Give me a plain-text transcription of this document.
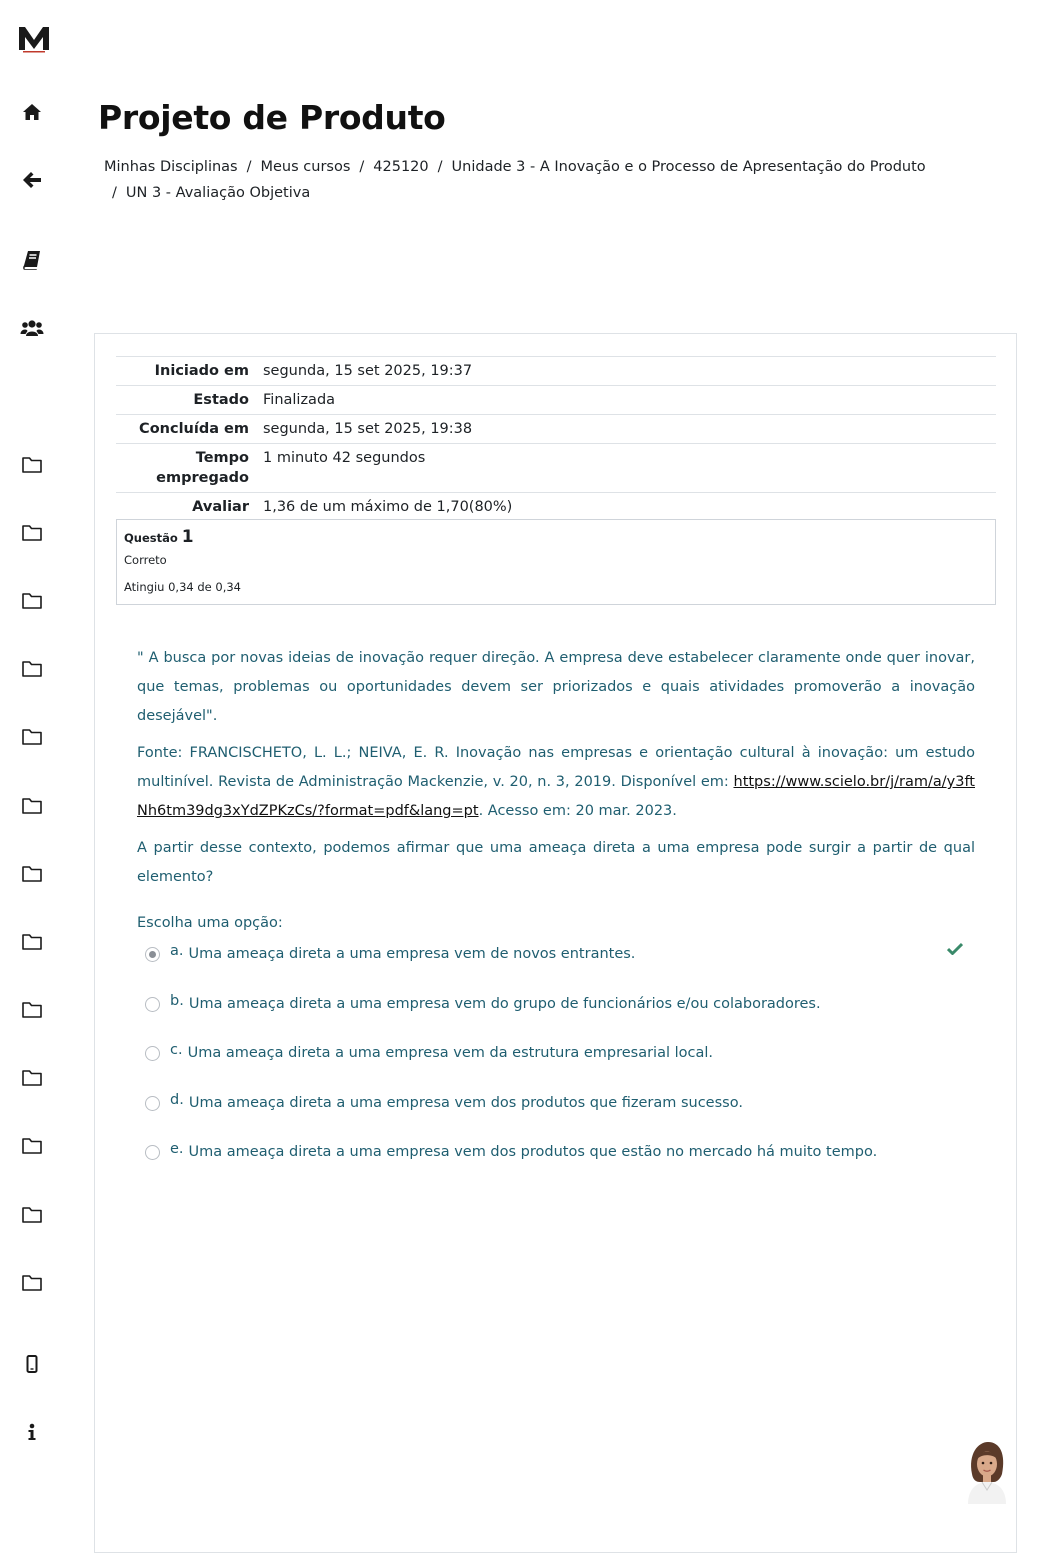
Projeto de Produto
Minhas Disciplinas / Meus cursos / 425120 / Unidade 3 - A Inovação e o Processo de Apresentação do Produto
/ UN 3 - Avaliação Objetiva
Iniciado em	segunda, 15 set 2025, 19:37
Estado	Finalizada
Concluída em	segunda, 15 set 2025, 19:38
Tempo empregado	1 minuto 42 segundos
Avaliar	1,36 de um máximo de 1,70(80%)
Questão 1
Correto
Atingiu 0,34 de 0,34

" A busca por novas ideias de inovação requer direção. A empresa deve estabelecer claramente onde quer inovar, que temas, problemas ou oportunidades devem ser priorizados e quais atividades promoverão a inovação desejável".

Fonte: FRANCISCHETO, L. L.; NEIVA, E. R. Inovação nas empresas e orientação cultural à inovação: um estudo multinível. Revista de Administração Mackenzie, v. 20, n. 3, 2019. Disponível em: https://www.scielo.br/j/ram/a/y3ftNh6tm39dg3xYdZPKzCs/?format=pdf&lang=pt. Acesso em: 20 mar. 2023.

A partir desse contexto, podemos afirmar que uma ameaça direta a uma empresa pode surgir a partir de qual elemento?

Escolha uma opção:
a. Uma ameaça direta a uma empresa vem de novos entrantes.
b. Uma ameaça direta a uma empresa vem do grupo de funcionários e/ou colaboradores.
c. Uma ameaça direta a uma empresa vem da estrutura empresarial local.
d. Uma ameaça direta a uma empresa vem dos produtos que fizeram sucesso.
e. Uma ameaça direta a uma empresa vem dos produtos que estão no mercado há muito tempo.
